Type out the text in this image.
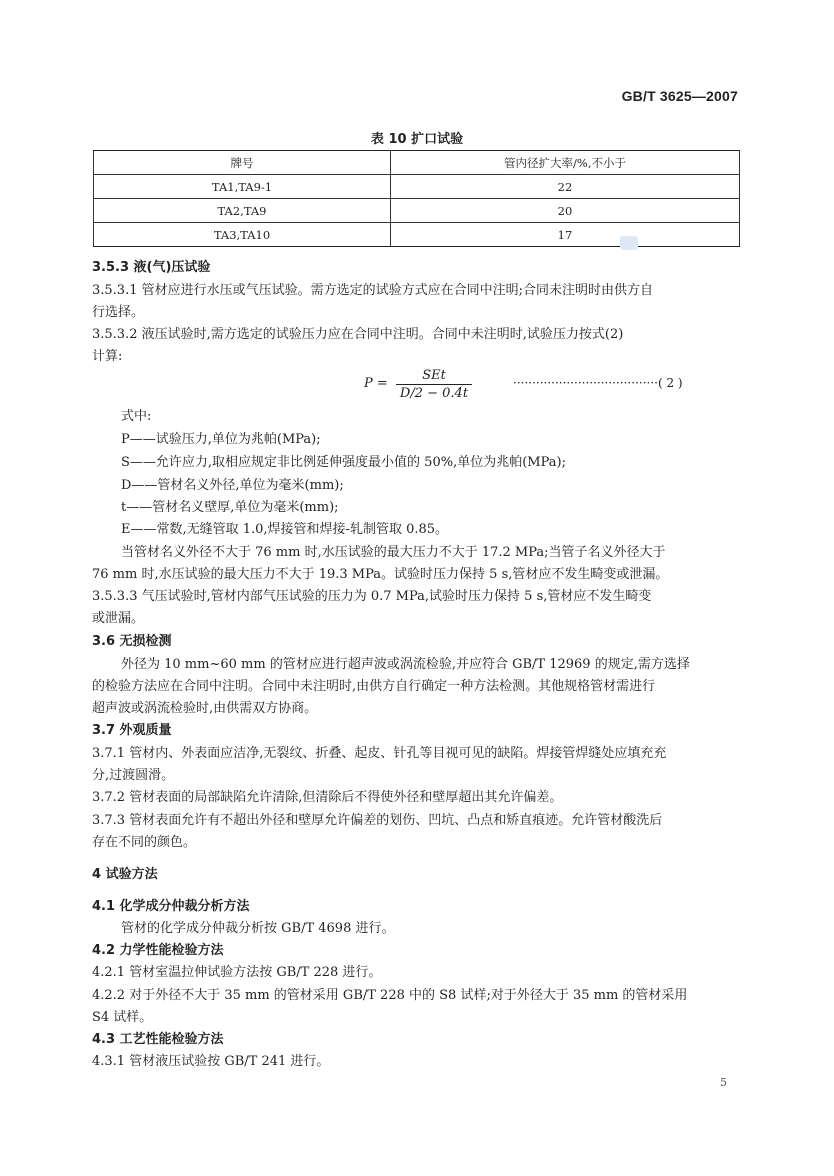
GB/T 3625—2007
表 10 扩口试验
牌号	管内径扩大率/%,不小于
TA1,TA9-1	22
TA2,TA9	20
TA3,TA10	17
3.5.3 液(气)压试验
3.5.3.1 管材应进行水压或气压试验。需方选定的试验方式应在合同中注明;合同未注明时由供方自
行选择。
3.5.3.2 液压试验时,需方选定的试验压力应在合同中注明。合同中未注明时,试验压力按式(2)
计算:
P =
SEt
D/2 − 0.4t
······································( 2 )
式中:
P——试验压力,单位为兆帕(MPa);
S——允许应力,取相应规定非比例延伸强度最小值的 50%,单位为兆帕(MPa);
D——管材名义外径,单位为毫米(mm);
t——管材名义壁厚,单位为毫米(mm);
E——常数,无缝管取 1.0,焊接管和焊接-轧制管取 0.85。
当管材名义外径不大于 76 mm 时,水压试验的最大压力不大于 17.2 MPa;当管子名义外径大于
76 mm 时,水压试验的最大压力不大于 19.3 MPa。试验时压力保持 5 s,管材应不发生畸变或泄漏。
3.5.3.3 气压试验时,管材内部气压试验的压力为 0.7 MPa,试验时压力保持 5 s,管材应不发生畸变
或泄漏。
3.6 无损检测
外径为 10 mm~60 mm 的管材应进行超声波或涡流检验,并应符合 GB/T 12969 的规定,需方选择
的检验方法应在合同中注明。合同中未注明时,由供方自行确定一种方法检测。其他规格管材需进行
超声波或涡流检验时,由供需双方协商。
3.7 外观质量
3.7.1 管材内、外表面应洁净,无裂纹、折叠、起皮、针孔等目视可见的缺陷。焊接管焊缝处应填充充
分,过渡圆滑。
3.7.2 管材表面的局部缺陷允许清除,但清除后不得使外径和壁厚超出其允许偏差。
3.7.3 管材表面允许有不超出外径和壁厚允许偏差的划伤、凹坑、凸点和矫直痕迹。允许管材酸洗后
存在不同的颜色。
4 试验方法
4.1 化学成分仲裁分析方法
管材的化学成分仲裁分析按 GB/T 4698 进行。
4.2 力学性能检验方法
4.2.1 管材室温拉伸试验方法按 GB/T 228 进行。
4.2.2 对于外径不大于 35 mm 的管材采用 GB/T 228 中的 S8 试样;对于外径大于 35 mm 的管材采用
S4 试样。
4.3 工艺性能检验方法
4.3.1 管材液压试验按 GB/T 241 进行。
5
